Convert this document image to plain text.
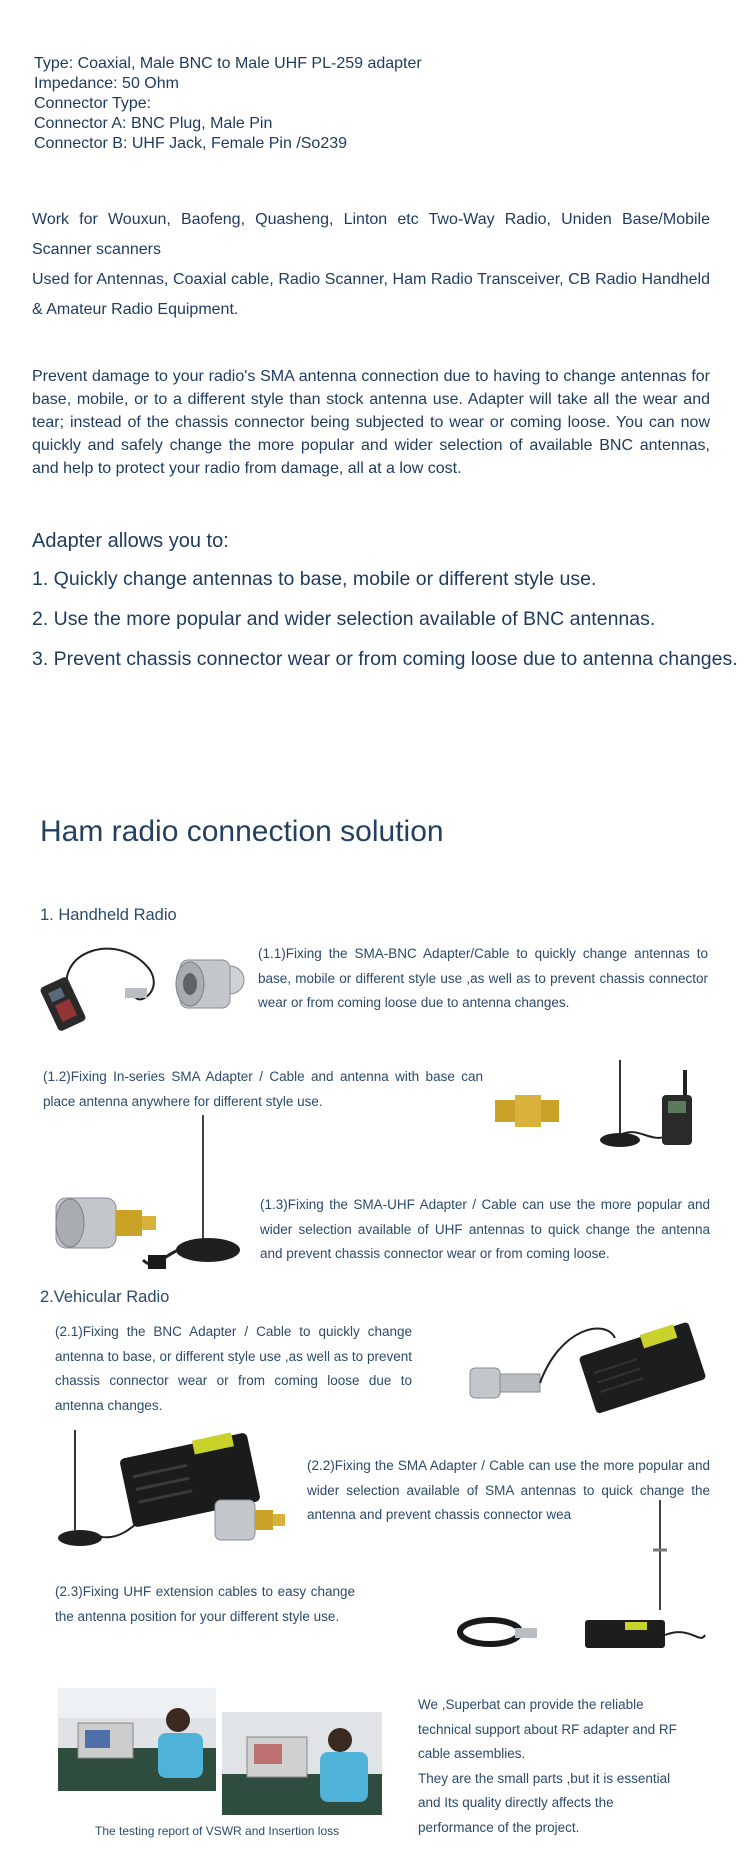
Type: Coaxial, Male BNC to Male UHF PL-259 adapter
Impedance: 50 Ohm
Connector Type:
Connector A: BNC Plug, Male Pin
Connector B: UHF Jack, Female Pin /So239
Work for Wouxun, Baofeng, Quasheng, Linton etc Two-Way Radio, Uniden Base/Mobile Scanner scanners
Used for Antennas, Coaxial cable, Radio Scanner, Ham Radio Transceiver, CB Radio Handheld & Amateur Radio Equipment.
Prevent damage to your radio's SMA antenna connection due to having to change antennas for base, mobile, or to a different style than stock antenna use. Adapter will take all the wear and tear; instead of the chassis connector being subjected to wear or coming loose. You can now quickly and safely change the more popular and wider selection of available BNC antennas, and help to protect your radio from damage, all at a low cost.
Adapter allows you to:
1. Quickly change antennas to base, mobile or different style use.
2. Use the more popular and wider selection available of BNC antennas.
3. Prevent chassis connector wear or from coming loose due to antenna changes.
Ham radio connection solution
1. Handheld Radio
(1.1)Fixing the SMA-BNC Adapter/Cable to quickly change antennas to base, mobile or different style use ,as well as to prevent chassis connector wear or from coming loose due to antenna changes.
(1.2)Fixing In-series SMA Adapter / Cable and antenna with base can place antenna anywhere for different style use.
(1.3)Fixing the SMA-UHF Adapter / Cable can use the more popular and wider selection available of UHF antennas to quick change the antenna and prevent chassis connector wear or from coming loose.
2.Vehicular Radio
(2.1)Fixing the BNC Adapter / Cable to quickly change antenna to base, or different style use ,as well as to prevent chassis connector wear or from coming loose due to antenna changes.
(2.2)Fixing the SMA Adapter / Cable can use the more popular and wider selection available of SMA antennas to quick change the antenna and prevent chassis connector wea
(2.3)Fixing UHF extension cables to easy change the antenna position for your different style use.
The testing report of VSWR and Insertion loss
We ,Superbat can provide the reliable
technical support about RF adapter and RF
cable assemblies.
They are the small parts ,but it is essential
and Its quality directly affects the
performance of the project.
